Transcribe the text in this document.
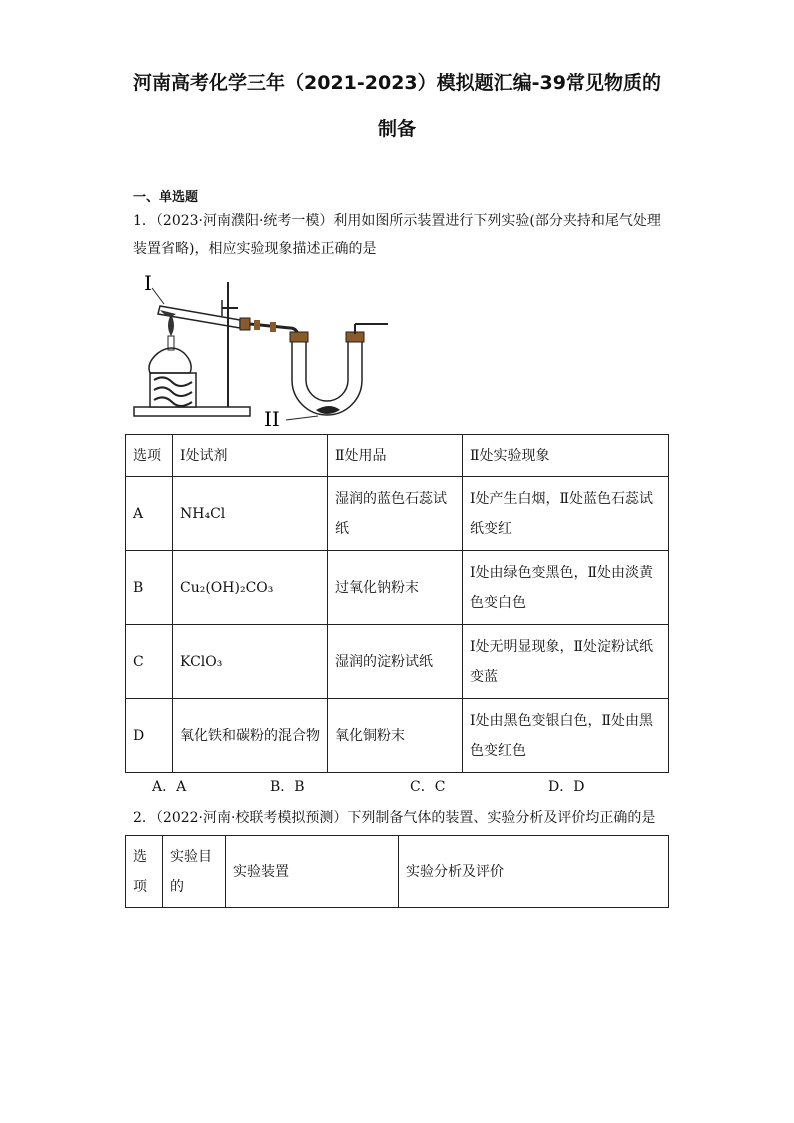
河南高考化学三年（2021-2023）模拟题汇编-39常见物质的
制备
一、单选题
1．（2023·河南濮阳·统考一模）利用如图所示装置进行下列实验(部分夹持和尾气处理装置省略)，相应实验现象描述正确的是
I
II
选项	Ⅰ处试剂	Ⅱ处用品	Ⅱ处实验现象
A	NH₄Cl	湿润的蓝色石蕊试纸	Ⅰ处产生白烟，Ⅱ处蓝色石蕊试纸变红
B	Cu₂(OH)₂CO₃	过氧化钠粉末	Ⅰ处由绿色变黑色，Ⅱ处由淡黄色变白色
C	KClO₃	湿润的淀粉试纸	Ⅰ处无明显现象，Ⅱ处淀粉试纸变蓝
D	氧化铁和碳粉的混合物	氧化铜粉末	Ⅰ处由黑色变银白色，Ⅱ处由黑色变红色
A．A	B．B	C．C	D．D
2．（2022·河南·校联考模拟预测）下列制备气体的装置、实验分析及评价均正确的是
选项	实验目的	实验装置	实验分析及评价
